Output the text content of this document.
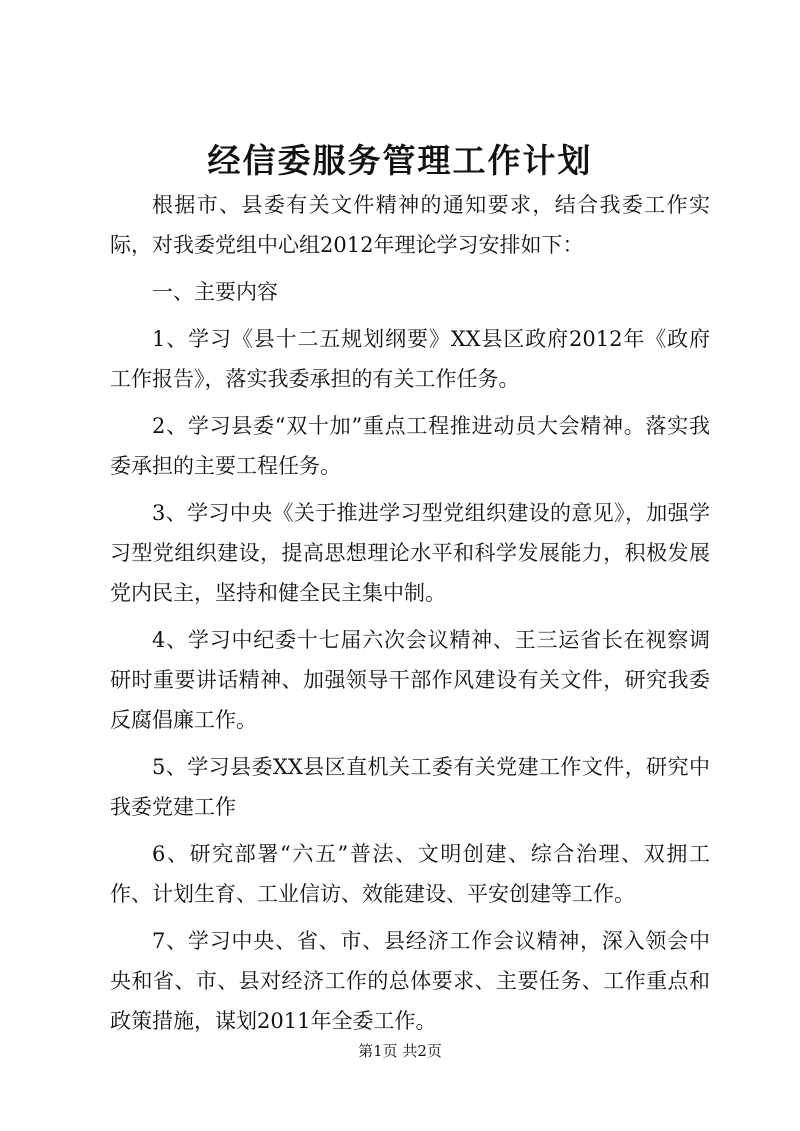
经信委服务管理工作计划

根据市、县委有关文件精神的通知要求，结合我委工作实际，对我委党组中心组2012年理论学习安排如下：

一、主要内容

1、学习《县十二五规划纲要》XX县区政府2012年《政府工作报告》，落实我委承担的有关工作任务。

2、学习县委“双十加”重点工程推进动员大会精神。落实我委承担的主要工程任务。

3、学习中央《关于推进学习型党组织建设的意见》，加强学习型党组织建设，提高思想理论水平和科学发展能力，积极发展党内民主，坚持和健全民主集中制。

4、学习中纪委十七届六次会议精神、王三运省长在视察调研时重要讲话精神、加强领导干部作风建设有关文件，研究我委反腐倡廉工作。

5、学习县委XX县区直机关工委有关党建工作文件，研究中我委党建工作

6、研究部署“六五”普法、文明创建、综合治理、双拥工作、计划生育、工业信访、效能建设、平安创建等工作。

7、学习中央、省、市、县经济工作会议精神，深入领会中央和省、市、县对经济工作的总体要求、主要任务、工作重点和政策措施，谋划2011年全委工作。

第1页 共2页
